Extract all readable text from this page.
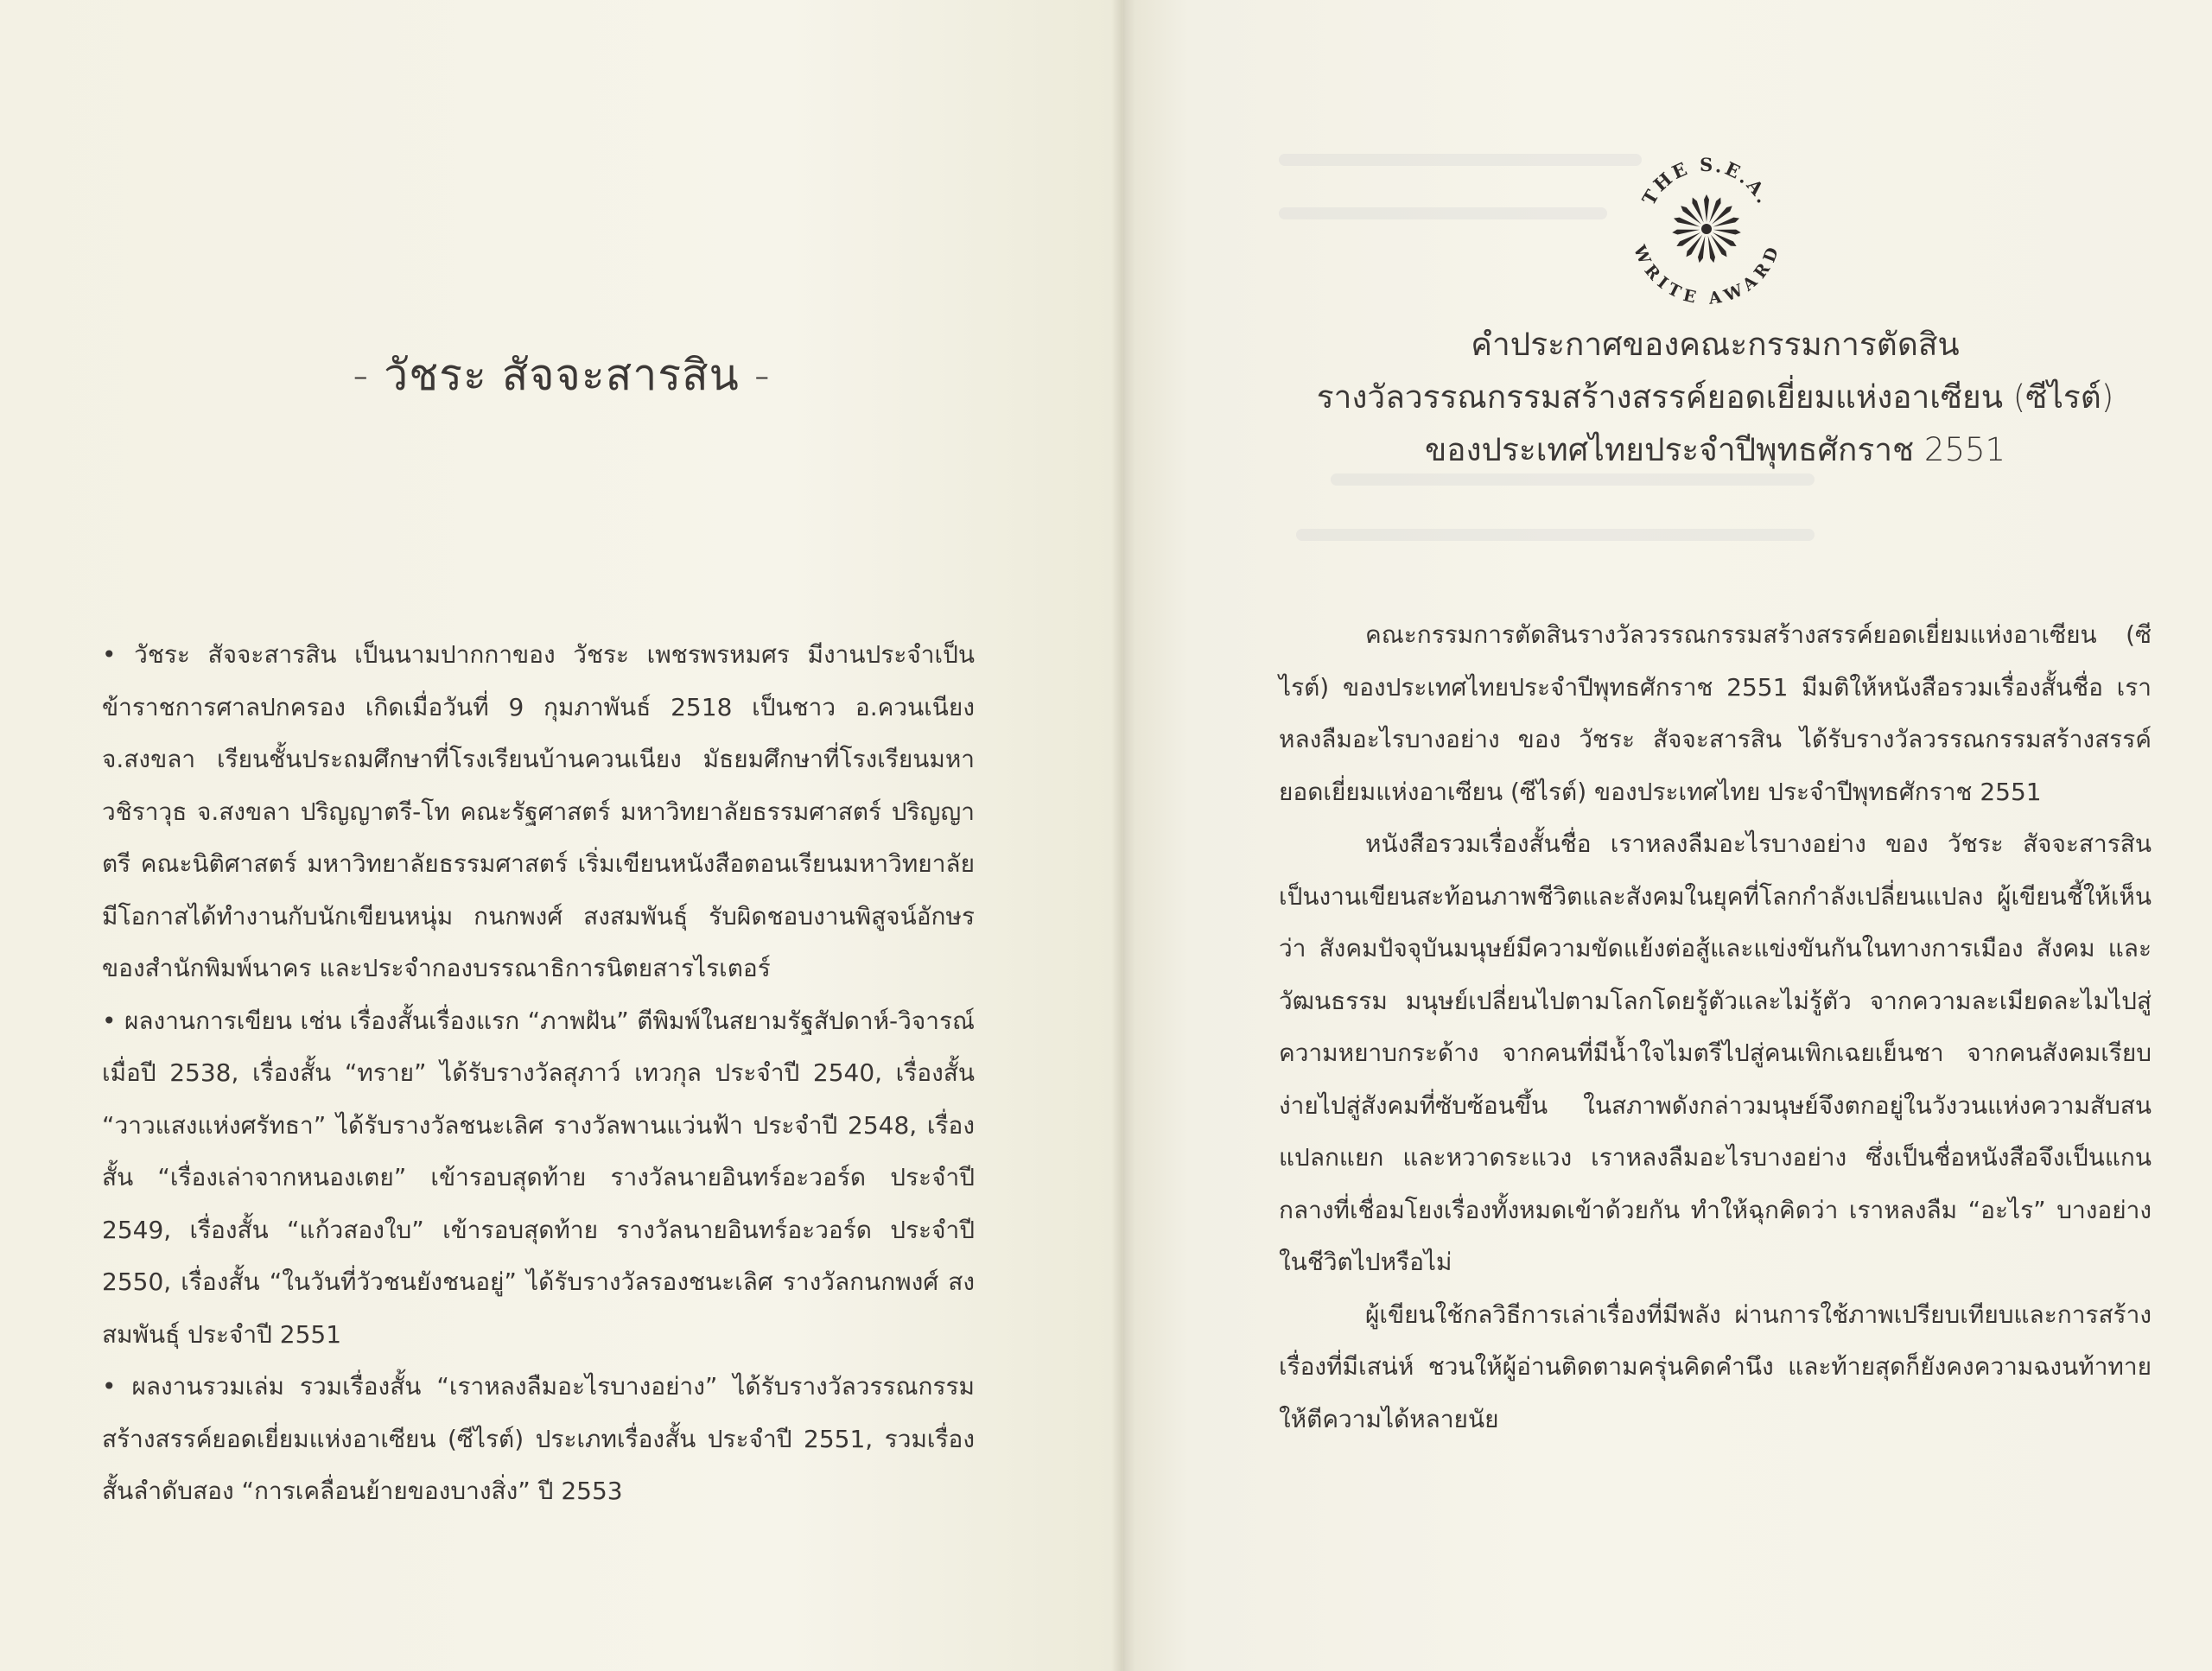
- วัชระ สัจจะสารสิน -

• วัชระ สัจจะสารสิน เป็นนามปากกาของ วัชระ เพชรพรหมศร มีงานประจำเป็นข้าราชการศาลปกครอง เกิดเมื่อวันที่ 9 กุมภาพันธ์ 2518 เป็นชาว อ.ควนเนียง จ.สงขลา เรียนชั้นประถมศึกษาที่โรงเรียนบ้านควนเนียง มัธยมศึกษาที่โรงเรียนมหาวชิราวุธ จ.สงขลา ปริญญาตรี-โท คณะรัฐศาสตร์ มหาวิทยาลัยธรรมศาสตร์ ปริญญาตรี คณะนิติศาสตร์ มหาวิทยาลัยธรรมศาสตร์ เริ่มเขียนหนังสือตอนเรียนมหาวิทยาลัย มีโอกาสได้ทำงานกับนักเขียนหนุ่ม กนกพงศ์ สงสมพันธุ์ รับผิดชอบงานพิสูจน์อักษรของสำนักพิมพ์นาคร และประจำกองบรรณาธิการนิตยสารไรเตอร์

• ผลงานการเขียน เช่น เรื่องสั้นเรื่องแรก “ภาพฝัน” ตีพิมพ์ในสยามรัฐสัปดาห์-วิจารณ์ เมื่อปี 2538, เรื่องสั้น “ทราย” ได้รับรางวัลสุภาว์ เทวกุล ประจำปี 2540, เรื่องสั้น “วาวแสงแห่งศรัทธา” ได้รับรางวัลชนะเลิศ รางวัลพานแว่นฟ้า ประจำปี 2548, เรื่องสั้น “เรื่องเล่าจากหนองเตย” เข้ารอบสุดท้าย รางวัลนายอินทร์อะวอร์ด ประจำปี 2549, เรื่องสั้น “แก้วสองใบ” เข้ารอบสุดท้าย รางวัลนายอินทร์อะวอร์ด ประจำปี 2550, เรื่องสั้น “ในวันที่วัวชนยังชนอยู่” ได้รับรางวัลรองชนะเลิศ รางวัลกนกพงศ์ สงสมพันธุ์ ประจำปี 2551

• ผลงานรวมเล่ม รวมเรื่องสั้น “เราหลงลืมอะไรบางอย่าง” ได้รับรางวัลวรรณกรรมสร้างสรรค์ยอดเยี่ยมแห่งอาเซียน (ซีไรต์) ประเภทเรื่องสั้น ประจำปี 2551, รวมเรื่องสั้นลำดับสอง “การเคลื่อนย้ายของบางสิ่ง” ปี 2553

THE S.E.A.
WRITE AWARD
คำประกาศของคณะกรรมการตัดสิน
รางวัลวรรณกรรมสร้างสรรค์ยอดเยี่ยมแห่งอาเซียน (ซีไรต์)
ของประเทศไทยประจำปีพุทธศักราช 2551

คณะกรรมการตัดสินรางวัลวรรณกรรมสร้างสรรค์ยอดเยี่ยมแห่งอาเซียน (ซีไรต์) ของประเทศไทยประจำปีพุทธศักราช 2551 มีมติให้หนังสือรวมเรื่องสั้นชื่อ เราหลงลืมอะไรบางอย่าง ของ วัชระ สัจจะสารสิน ได้รับรางวัลวรรณกรรมสร้างสรรค์ยอดเยี่ยมแห่งอาเซียน (ซีไรต์) ของประเทศไทย ประจำปีพุทธศักราช 2551

หนังสือรวมเรื่องสั้นชื่อ เราหลงลืมอะไรบางอย่าง ของ วัชระ สัจจะสารสิน เป็นงานเขียนสะท้อนภาพชีวิตและสังคมในยุคที่โลกกำลังเปลี่ยนแปลง ผู้เขียนชี้ให้เห็นว่า สังคมปัจจุบันมนุษย์มีความขัดแย้งต่อสู้และแข่งขันกันในทางการเมือง สังคม และวัฒนธรรม มนุษย์เปลี่ยนไปตามโลกโดยรู้ตัวและไม่รู้ตัว จากความละเมียดละไมไปสู่ความหยาบกระด้าง จากคนที่มีน้ำใจไมตรีไปสู่คนเพิกเฉยเย็นชา จากคนสังคมเรียบง่ายไปสู่สังคมที่ซับซ้อนขึ้น ในสภาพดังกล่าวมนุษย์จึงตกอยู่ในวังวนแห่งความสับสน แปลกแยก และหวาดระแวง เราหลงลืมอะไรบางอย่าง ซึ่งเป็นชื่อหนังสือจึงเป็นแกนกลางที่เชื่อมโยงเรื่องทั้งหมดเข้าด้วยกัน ทำให้ฉุกคิดว่า เราหลงลืม “อะไร” บางอย่างในชีวิตไปหรือไม่

ผู้เขียนใช้กลวิธีการเล่าเรื่องที่มีพลัง ผ่านการใช้ภาพเปรียบเทียบและการสร้างเรื่องที่มีเสน่ห์ ชวนให้ผู้อ่านติดตามครุ่นคิดคำนึง และท้ายสุดก็ยังคงความฉงนท้าทาย ให้ตีความได้หลายนัย
